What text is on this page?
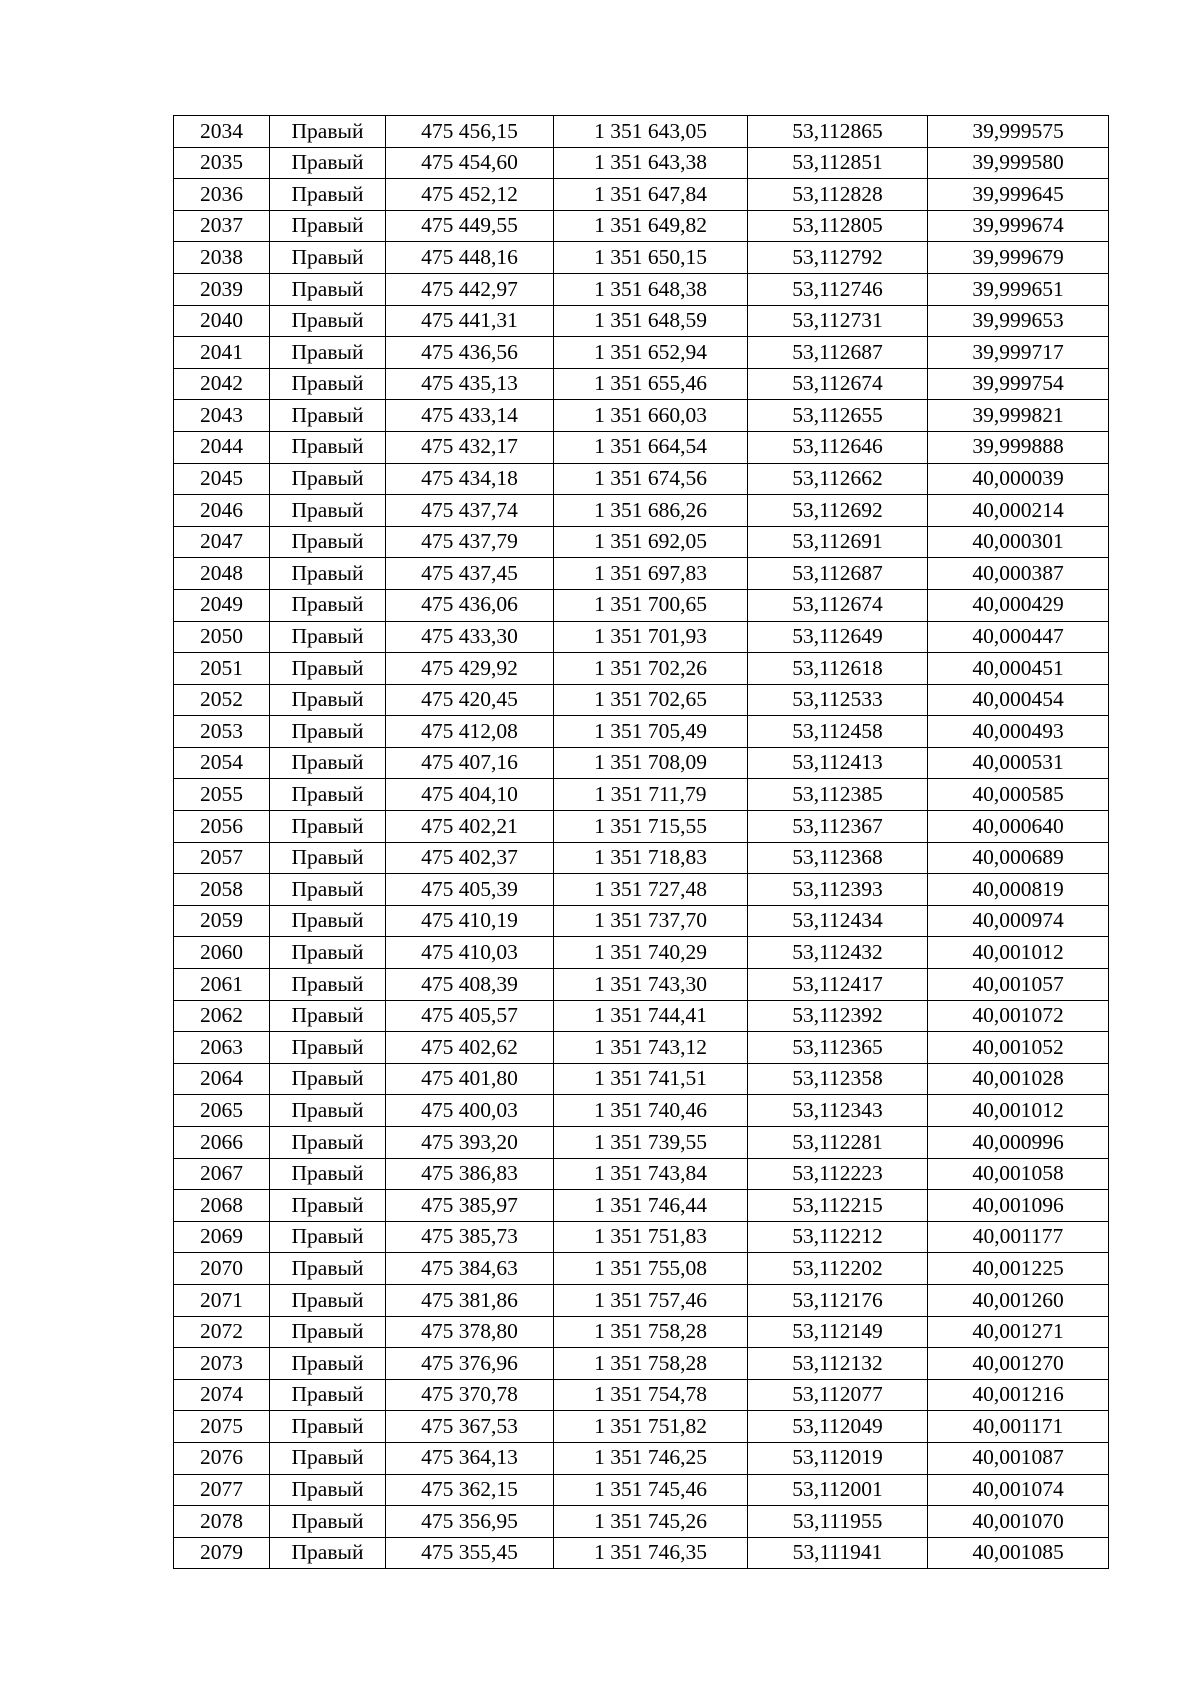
2034	Правый	475 456,15	1 351 643,05	53,112865	39,999575
2035	Правый	475 454,60	1 351 643,38	53,112851	39,999580
2036	Правый	475 452,12	1 351 647,84	53,112828	39,999645
2037	Правый	475 449,55	1 351 649,82	53,112805	39,999674
2038	Правый	475 448,16	1 351 650,15	53,112792	39,999679
2039	Правый	475 442,97	1 351 648,38	53,112746	39,999651
2040	Правый	475 441,31	1 351 648,59	53,112731	39,999653
2041	Правый	475 436,56	1 351 652,94	53,112687	39,999717
2042	Правый	475 435,13	1 351 655,46	53,112674	39,999754
2043	Правый	475 433,14	1 351 660,03	53,112655	39,999821
2044	Правый	475 432,17	1 351 664,54	53,112646	39,999888
2045	Правый	475 434,18	1 351 674,56	53,112662	40,000039
2046	Правый	475 437,74	1 351 686,26	53,112692	40,000214
2047	Правый	475 437,79	1 351 692,05	53,112691	40,000301
2048	Правый	475 437,45	1 351 697,83	53,112687	40,000387
2049	Правый	475 436,06	1 351 700,65	53,112674	40,000429
2050	Правый	475 433,30	1 351 701,93	53,112649	40,000447
2051	Правый	475 429,92	1 351 702,26	53,112618	40,000451
2052	Правый	475 420,45	1 351 702,65	53,112533	40,000454
2053	Правый	475 412,08	1 351 705,49	53,112458	40,000493
2054	Правый	475 407,16	1 351 708,09	53,112413	40,000531
2055	Правый	475 404,10	1 351 711,79	53,112385	40,000585
2056	Правый	475 402,21	1 351 715,55	53,112367	40,000640
2057	Правый	475 402,37	1 351 718,83	53,112368	40,000689
2058	Правый	475 405,39	1 351 727,48	53,112393	40,000819
2059	Правый	475 410,19	1 351 737,70	53,112434	40,000974
2060	Правый	475 410,03	1 351 740,29	53,112432	40,001012
2061	Правый	475 408,39	1 351 743,30	53,112417	40,001057
2062	Правый	475 405,57	1 351 744,41	53,112392	40,001072
2063	Правый	475 402,62	1 351 743,12	53,112365	40,001052
2064	Правый	475 401,80	1 351 741,51	53,112358	40,001028
2065	Правый	475 400,03	1 351 740,46	53,112343	40,001012
2066	Правый	475 393,20	1 351 739,55	53,112281	40,000996
2067	Правый	475 386,83	1 351 743,84	53,112223	40,001058
2068	Правый	475 385,97	1 351 746,44	53,112215	40,001096
2069	Правый	475 385,73	1 351 751,83	53,112212	40,001177
2070	Правый	475 384,63	1 351 755,08	53,112202	40,001225
2071	Правый	475 381,86	1 351 757,46	53,112176	40,001260
2072	Правый	475 378,80	1 351 758,28	53,112149	40,001271
2073	Правый	475 376,96	1 351 758,28	53,112132	40,001270
2074	Правый	475 370,78	1 351 754,78	53,112077	40,001216
2075	Правый	475 367,53	1 351 751,82	53,112049	40,001171
2076	Правый	475 364,13	1 351 746,25	53,112019	40,001087
2077	Правый	475 362,15	1 351 745,46	53,112001	40,001074
2078	Правый	475 356,95	1 351 745,26	53,111955	40,001070
2079	Правый	475 355,45	1 351 746,35	53,111941	40,001085
